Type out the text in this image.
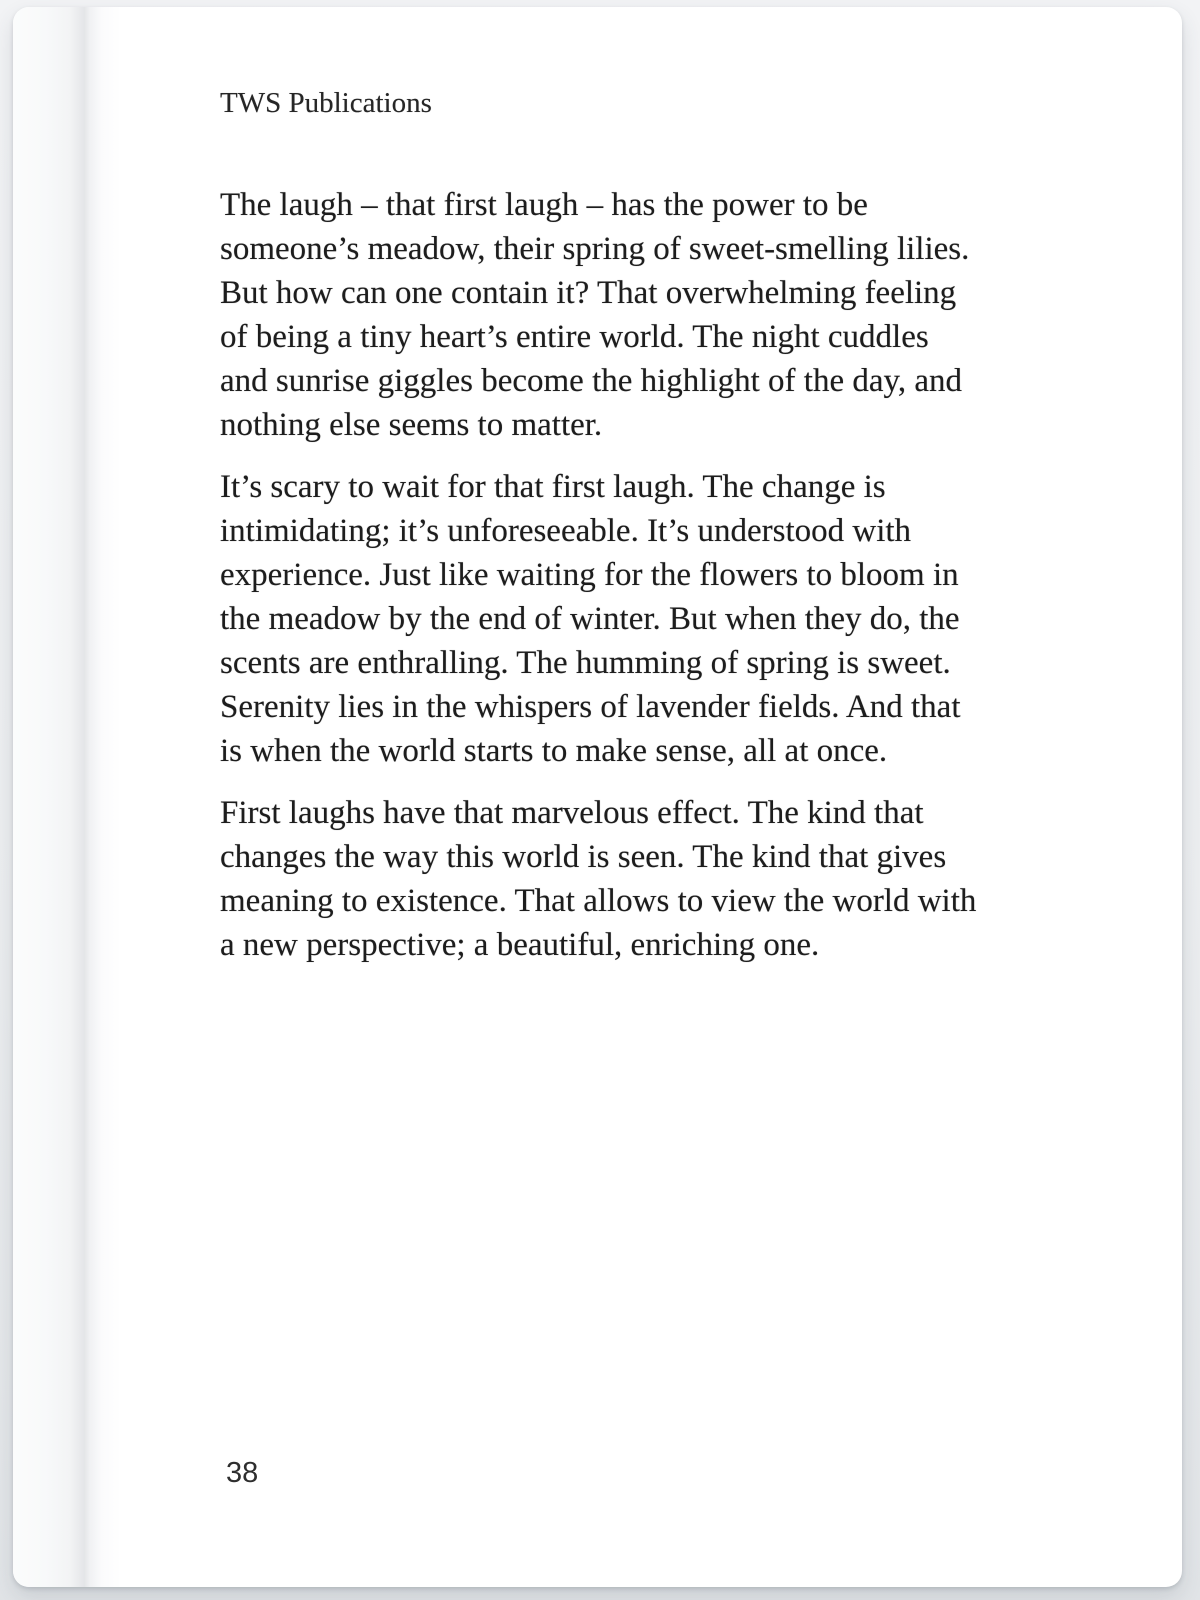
TWS Publications

The laugh – that first laugh – has the power to be
someone’s meadow, their spring of sweet-smelling lilies.
But how can one contain it? That overwhelming feeling
of being a tiny heart’s entire world. The night cuddles
and sunrise giggles become the highlight of the day, and
nothing else seems to matter.

It’s scary to wait for that first laugh. The change is
intimidating; it’s unforeseeable. It’s understood with
experience. Just like waiting for the flowers to bloom in
the meadow by the end of winter. But when they do, the
scents are enthralling. The humming of spring is sweet.
Serenity lies in the whispers of lavender fields. And that
is when the world starts to make sense, all at once.

First laughs have that marvelous effect. The kind that
changes the way this world is seen. The kind that gives
meaning to existence. That allows to view the world with
a new perspective; a beautiful, enriching one.

38
